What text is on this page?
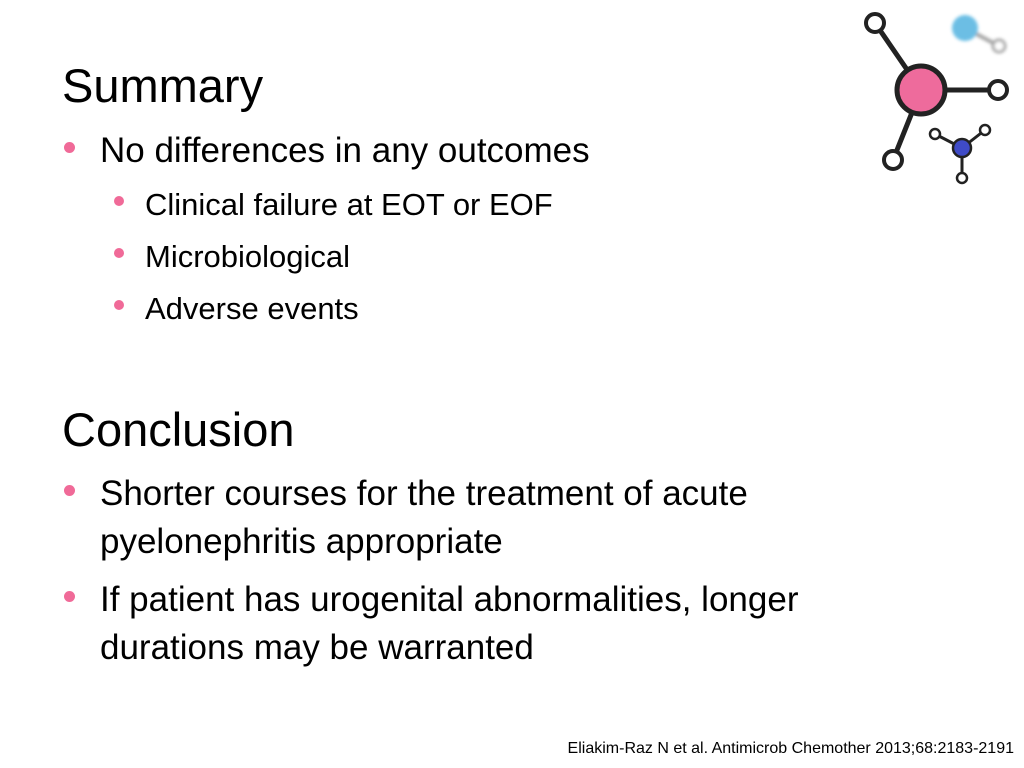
Summary

No differences in any outcomes

Clinical failure at EOT or EOF

Microbiological

Adverse events

Conclusion

Shorter courses for the treatment of acute

pyelonephritis appropriate

If patient has urogenital abnormalities, longer

durations may be warranted

Eliakim-Raz N et al. Antimicrob Chemother 2013;68:2183-2191
